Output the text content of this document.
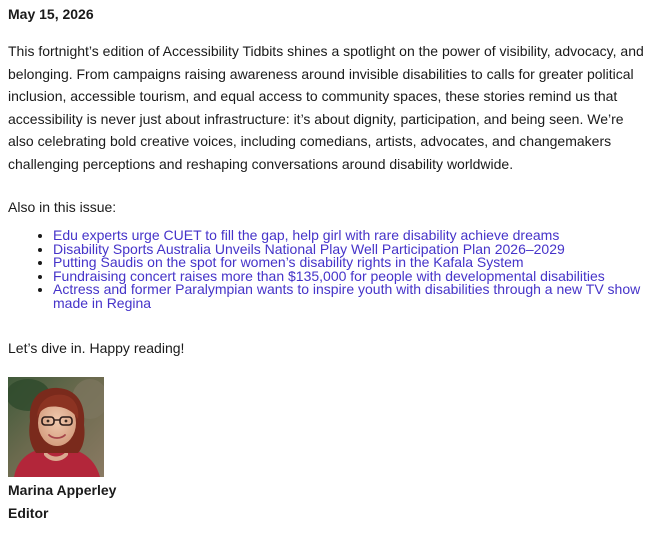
May 15, 2026

This fortnight’s edition of Accessibility Tidbits shines a spotlight on the power of visibility, advocacy, and belonging. From campaigns raising awareness around invisible disabilities to calls for greater political inclusion, accessible tourism, and equal access to community spaces, these stories remind us that accessibility is never just about infrastructure: it’s about dignity, participation, and being seen. We’re also celebrating bold creative voices, including comedians, artists, advocates, and changemakers challenging perceptions and reshaping conversations around disability worldwide.

Also in this issue:
• Edu experts urge CUET to fill the gap, help girl with rare disability achieve dreams
• Disability Sports Australia Unveils National Play Well Participation Plan 2026–2029
• Putting Saudis on the spot for women’s disability rights in the Kafala System
• Fundraising concert raises more than $135,000 for people with developmental disabilities
• Actress and former Paralympian wants to inspire youth with disabilities through a new TV show made in Regina
Let’s dive in. Happy reading!
Marina Apperley
Editor
